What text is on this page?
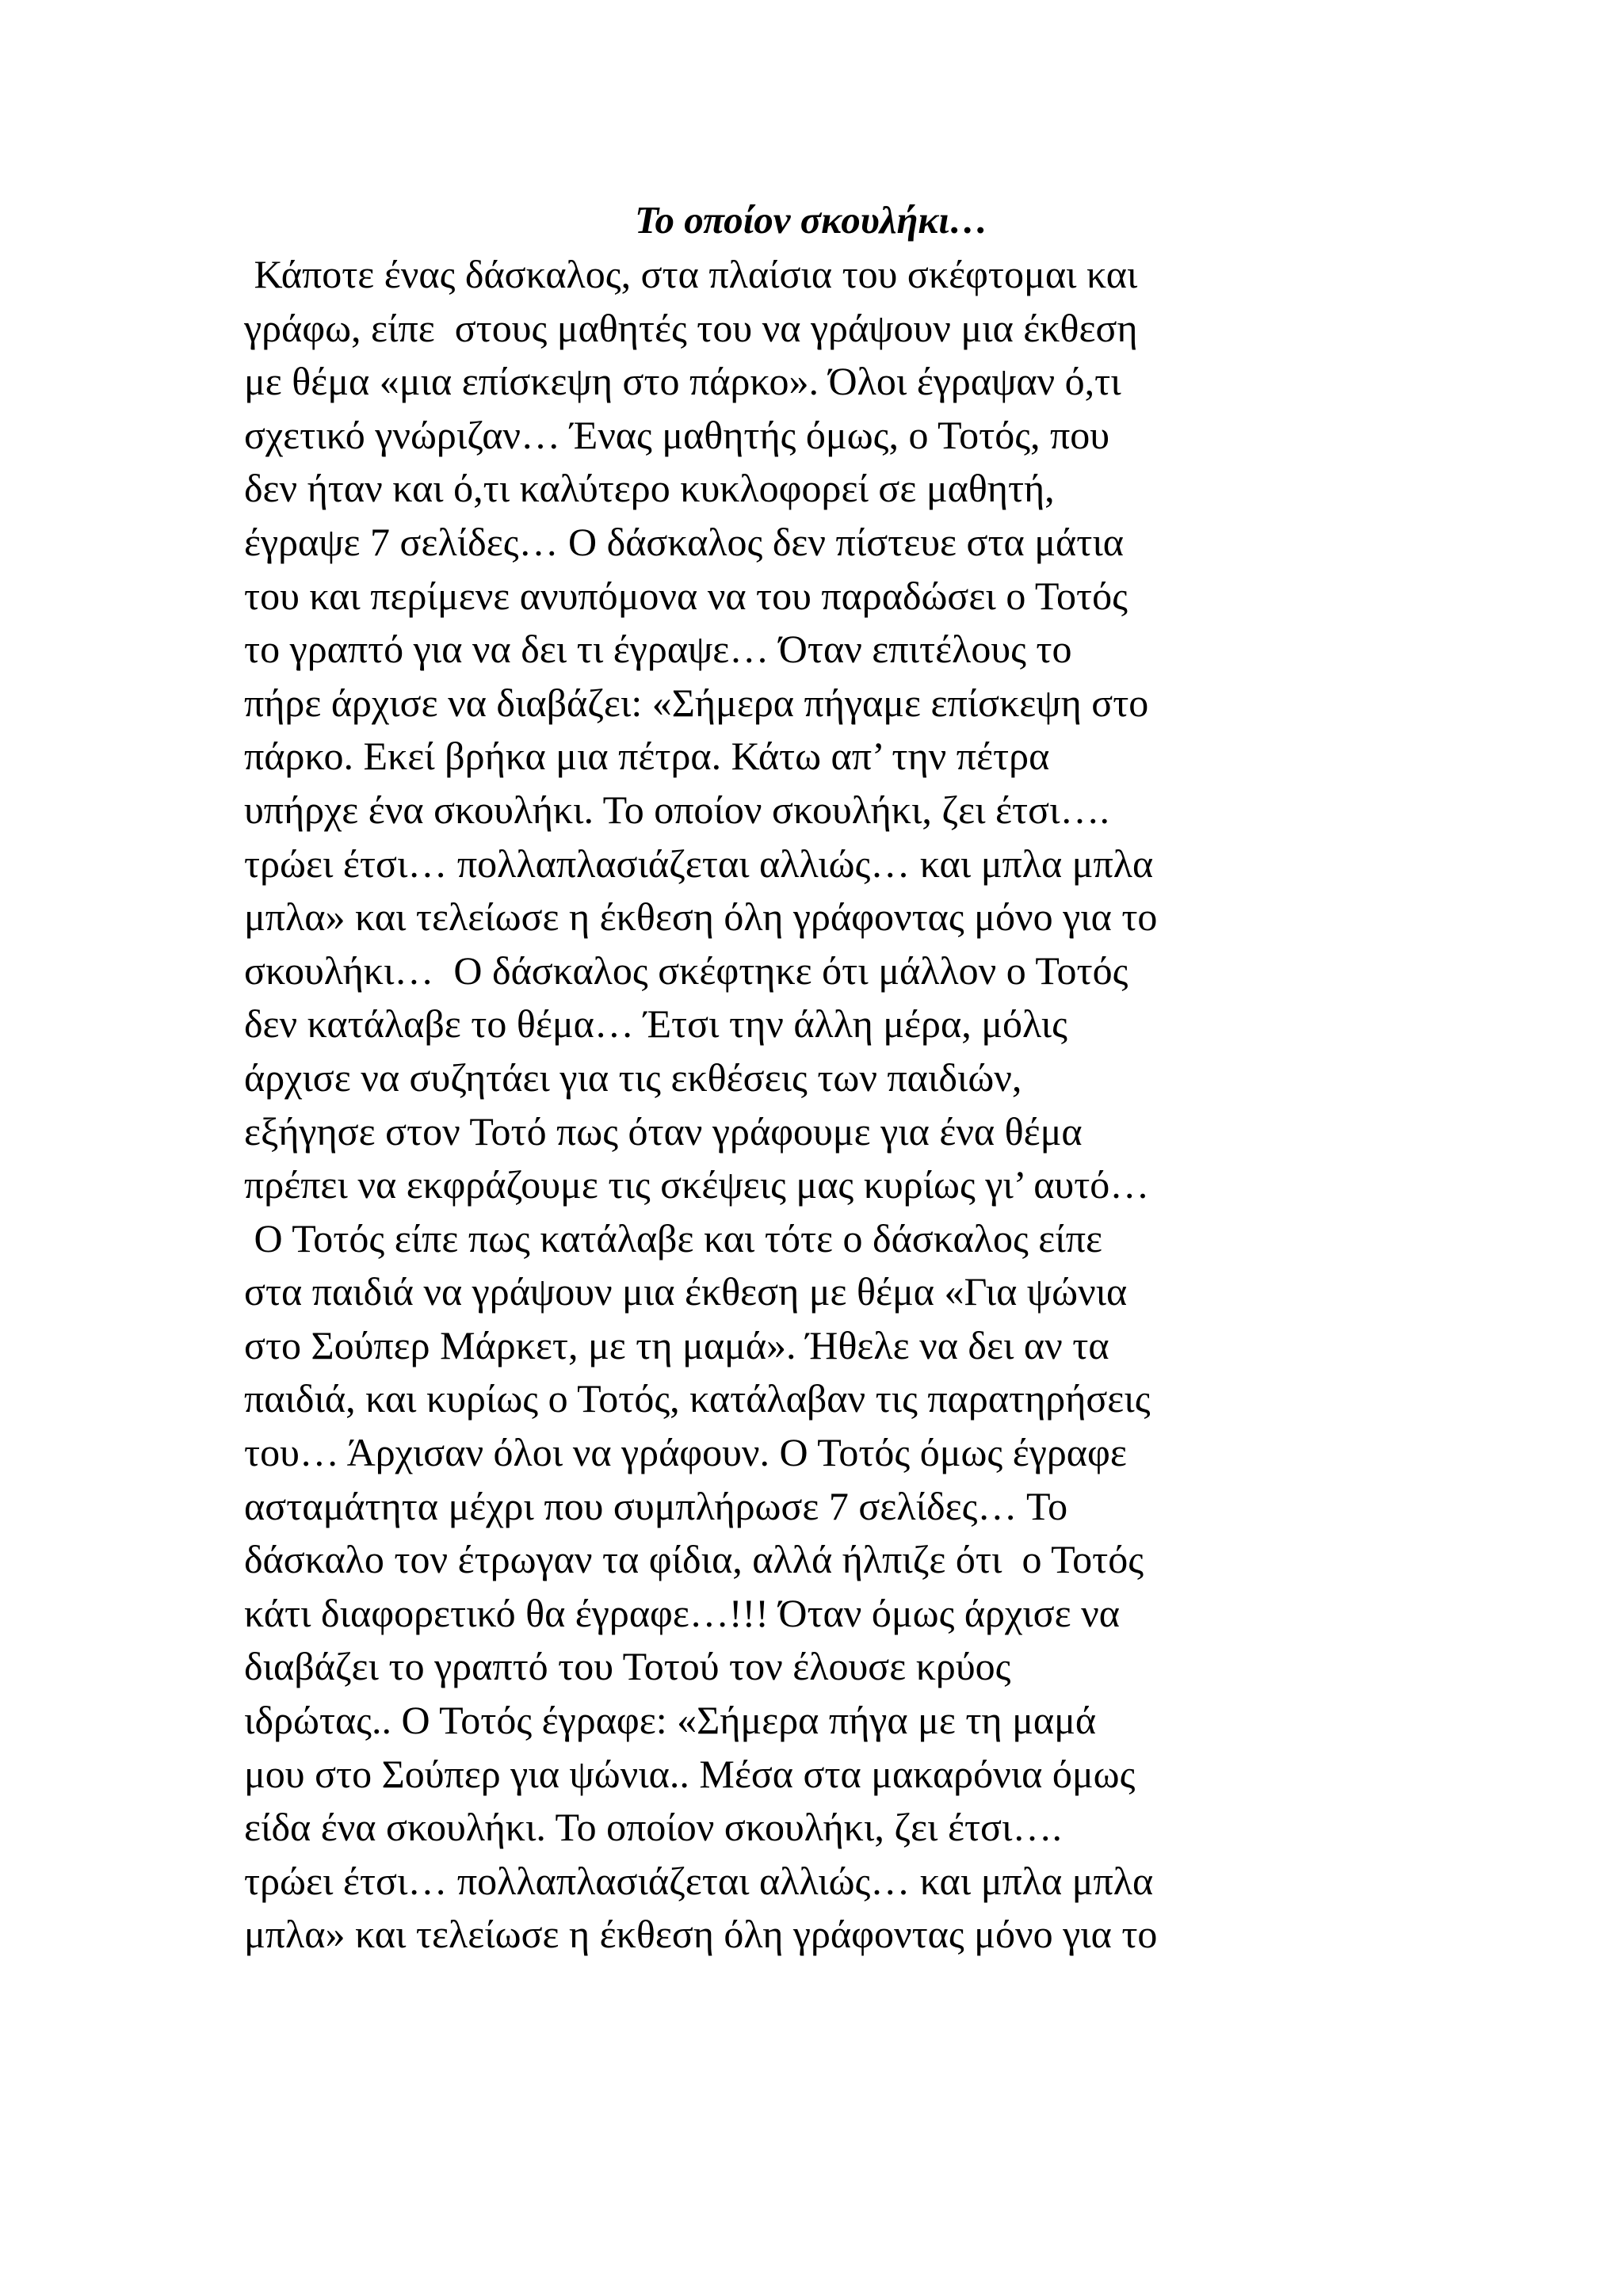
Το οποίον σκουλήκι…
Κάποτε ένας δάσκαλος, στα πλαίσια του σκέφτομαι και
γράφω, είπε  στους μαθητές του να γράψουν μια έκθεση
με θέμα «μια επίσκεψη στο πάρκο». Όλοι έγραψαν ό,τι
σχετικό γνώριζαν… Ένας μαθητής όμως, ο Τοτός, που
δεν ήταν και ό,τι καλύτερο κυκλοφορεί σε μαθητή,
έγραψε 7 σελίδες… Ο δάσκαλος δεν πίστευε στα μάτια
του και περίμενε ανυπόμονα να του παραδώσει ο Τοτός
το γραπτό για να δει τι έγραψε… Όταν επιτέλους το
πήρε άρχισε να διαβάζει: «Σήμερα πήγαμε επίσκεψη στο
πάρκο. Εκεί βρήκα μια πέτρα. Κάτω απ’ την πέτρα
υπήρχε ένα σκουλήκι. Το οποίον σκουλήκι, ζει έτσι….
τρώει έτσι… πολλαπλασιάζεται αλλιώς… και μπλα μπλα
μπλα» και τελείωσε η έκθεση όλη γράφοντας μόνο για το
σκουλήκι…  Ο δάσκαλος σκέφτηκε ότι μάλλον ο Τοτός
δεν κατάλαβε το θέμα… Έτσι την άλλη μέρα, μόλις
άρχισε να συζητάει για τις εκθέσεις των παιδιών,
εξήγησε στον Τοτό πως όταν γράφουμε για ένα θέμα
πρέπει να εκφράζουμε τις σκέψεις μας κυρίως γι’ αυτό…
Ο Τοτός είπε πως κατάλαβε και τότε ο δάσκαλος είπε
στα παιδιά να γράψουν μια έκθεση με θέμα «Για ψώνια
στο Σούπερ Μάρκετ, με τη μαμά». Ήθελε να δει αν τα
παιδιά, και κυρίως ο Τοτός, κατάλαβαν τις παρατηρήσεις
του… Άρχισαν όλοι να γράφουν. Ο Τοτός όμως έγραφε
ασταμάτητα μέχρι που συμπλήρωσε 7 σελίδες… Το
δάσκαλο τον έτρωγαν τα φίδια, αλλά ήλπιζε ότι  ο Τοτός
κάτι διαφορετικό θα έγραφε…!!! Όταν όμως άρχισε να
διαβάζει το γραπτό του Τοτού τον έλουσε κρύος
ιδρώτας.. Ο Τοτός έγραφε: «Σήμερα πήγα με τη μαμά
μου στο Σούπερ για ψώνια.. Μέσα στα μακαρόνια όμως
είδα ένα σκουλήκι. Το οποίον σκουλήκι, ζει έτσι….
τρώει έτσι… πολλαπλασιάζεται αλλιώς… και μπλα μπλα
μπλα» και τελείωσε η έκθεση όλη γράφοντας μόνο για το
